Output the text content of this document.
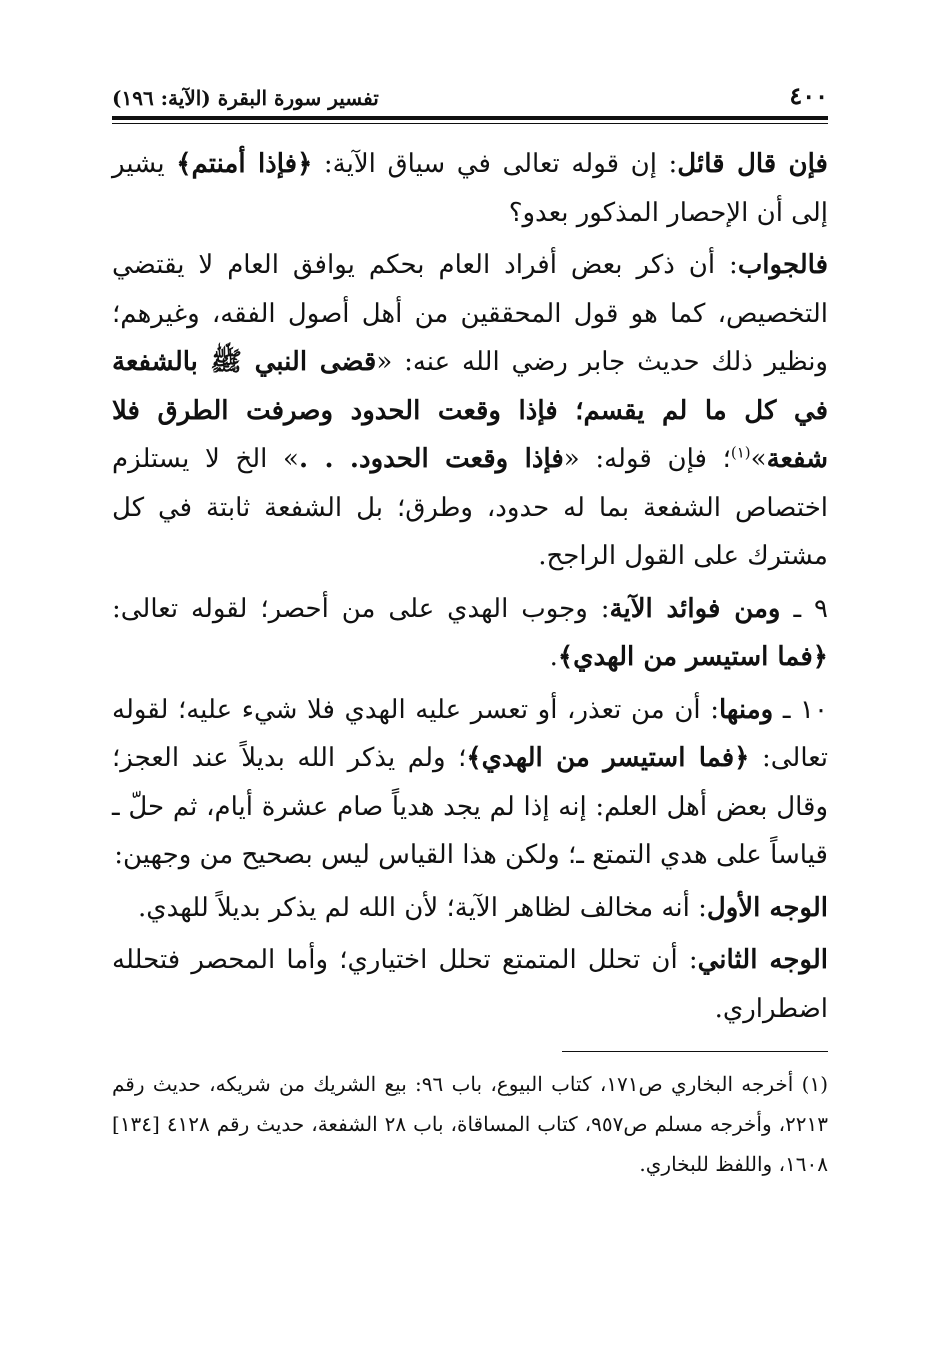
٤٠٠
تفسير سورة البقرة (الآية: ١٩٦)

فإن قال قائل: إن قوله تعالى في سياق الآية: ﴿فإذا أمنتم﴾ يشير إلى أن الإحصار المذكور بعدو؟

فالجواب: أن ذكر بعض أفراد العام بحكم يوافق العام لا يقتضي التخصيص، كما هو قول المحققين من أهل أصول الفقه، وغيرهم؛ ونظير ذلك حديث جابر رضي الله عنه: «قضى النبي ﷺ بالشفعة في كل ما لم يقسم؛ فإذا وقعت الحدود وصرفت الطرق فلا شفعة»$^{(١)}$؛ فإن قوله: «فإذا وقعت الحدود. . .» الخ لا يستلزم اختصاص الشفعة بما له حدود، وطرق؛ بل الشفعة ثابتة في كل مشترك على القول الراجح.

٩ ـ ومن فوائد الآية: وجوب الهدي على من أحصر؛ لقوله تعالى: ﴿فما استيسر من الهدي﴾.

١٠ ـ ومنها: أن من تعذر، أو تعسر عليه الهدي فلا شيء عليه؛ لقوله تعالى: ﴿فما استيسر من الهدي﴾؛ ولم يذكر الله بديلاً عند العجز؛ وقال بعض أهل العلم: إنه إذا لم يجد هدياً صام عشرة أيام، ثم حلّ ـ قياساً على هدي التمتع ـ؛ ولكن هذا القياس ليس بصحيح من وجهين:

الوجه الأول: أنه مخالف لظاهر الآية؛ لأن الله لم يذكر بديلاً للهدي.

الوجه الثاني: أن تحلل المتمتع تحلل اختياري؛ وأما المحصر فتحلله اضطراري.

(١) أخرجه البخاري ص١٧١، كتاب البيوع، باب ٩٦: بيع الشريك من شريكه، حديث رقم ٢٢١٣، وأخرجه مسلم ص٩٥٧، كتاب المساقاة، باب ٢٨ الشفعة، حديث رقم ٤١٢٨ [١٣٤] ١٦٠٨، واللفظ للبخاري.
